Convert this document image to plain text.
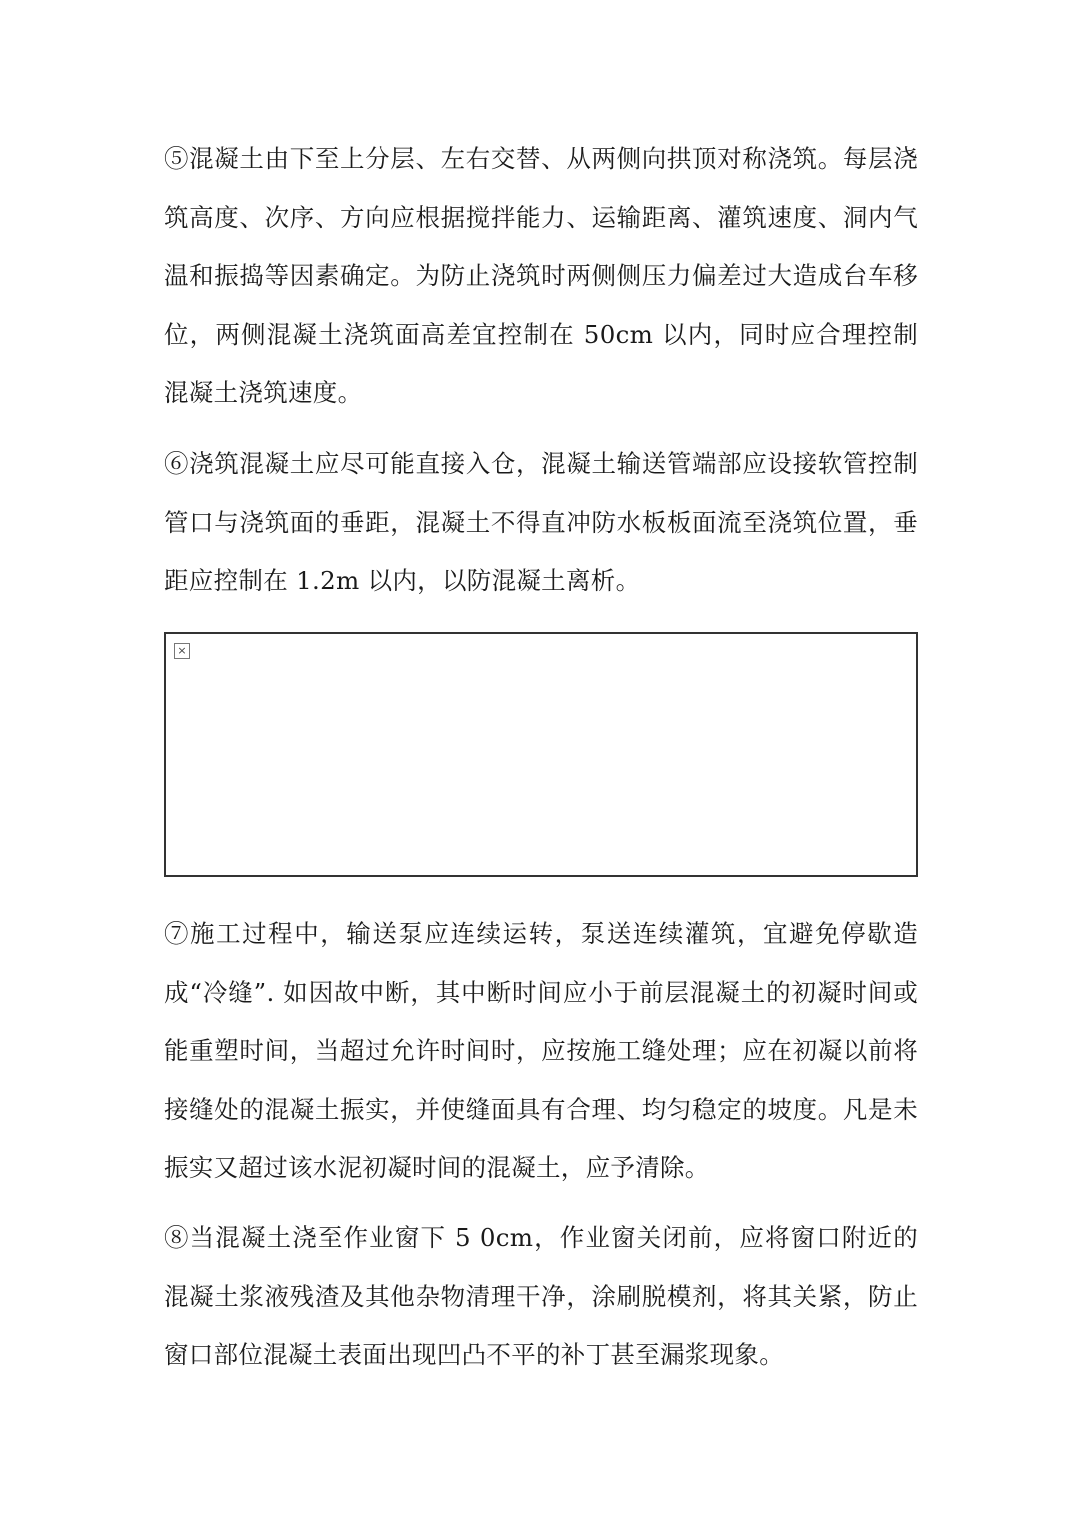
⑤混凝土由下至上分层、左右交替、从两侧向拱顶对称浇筑。每层浇筑高度、次序、方向应根据搅拌能力、运输距离、灌筑速度、洞内气温和振捣等因素确定。为防止浇筑时两侧侧压力偏差过大造成台车移位，两侧混凝土浇筑面高差宜控制在 50cm 以内，同时应合理控制混凝土浇筑速度。

⑥浇筑混凝土应尽可能直接入仓，混凝土输送管端部应设接软管控制管口与浇筑面的垂距，混凝土不得直冲防水板板面流至浇筑位置，垂距应控制在 1.2m 以内，以防混凝土离析。

×

⑦施工过程中，输送泵应连续运转，泵送连续灌筑，宜避免停歇造成“冷缝”. 如因故中断，其中断时间应小于前层混凝土的初凝时间或能重塑时间，当超过允许时间时，应按施工缝处理；应在初凝以前将接缝处的混凝土振实，并使缝面具有合理、均匀稳定的坡度。凡是未振实又超过该水泥初凝时间的混凝土，应予清除。

⑧当混凝土浇至作业窗下 5 0cm，作业窗关闭前，应将窗口附近的混凝土浆液残渣及其他杂物清理干净，涂刷脱模剂，将其关紧，防止窗口部位混凝土表面出现凹凸不平的补丁甚至漏浆现象。
